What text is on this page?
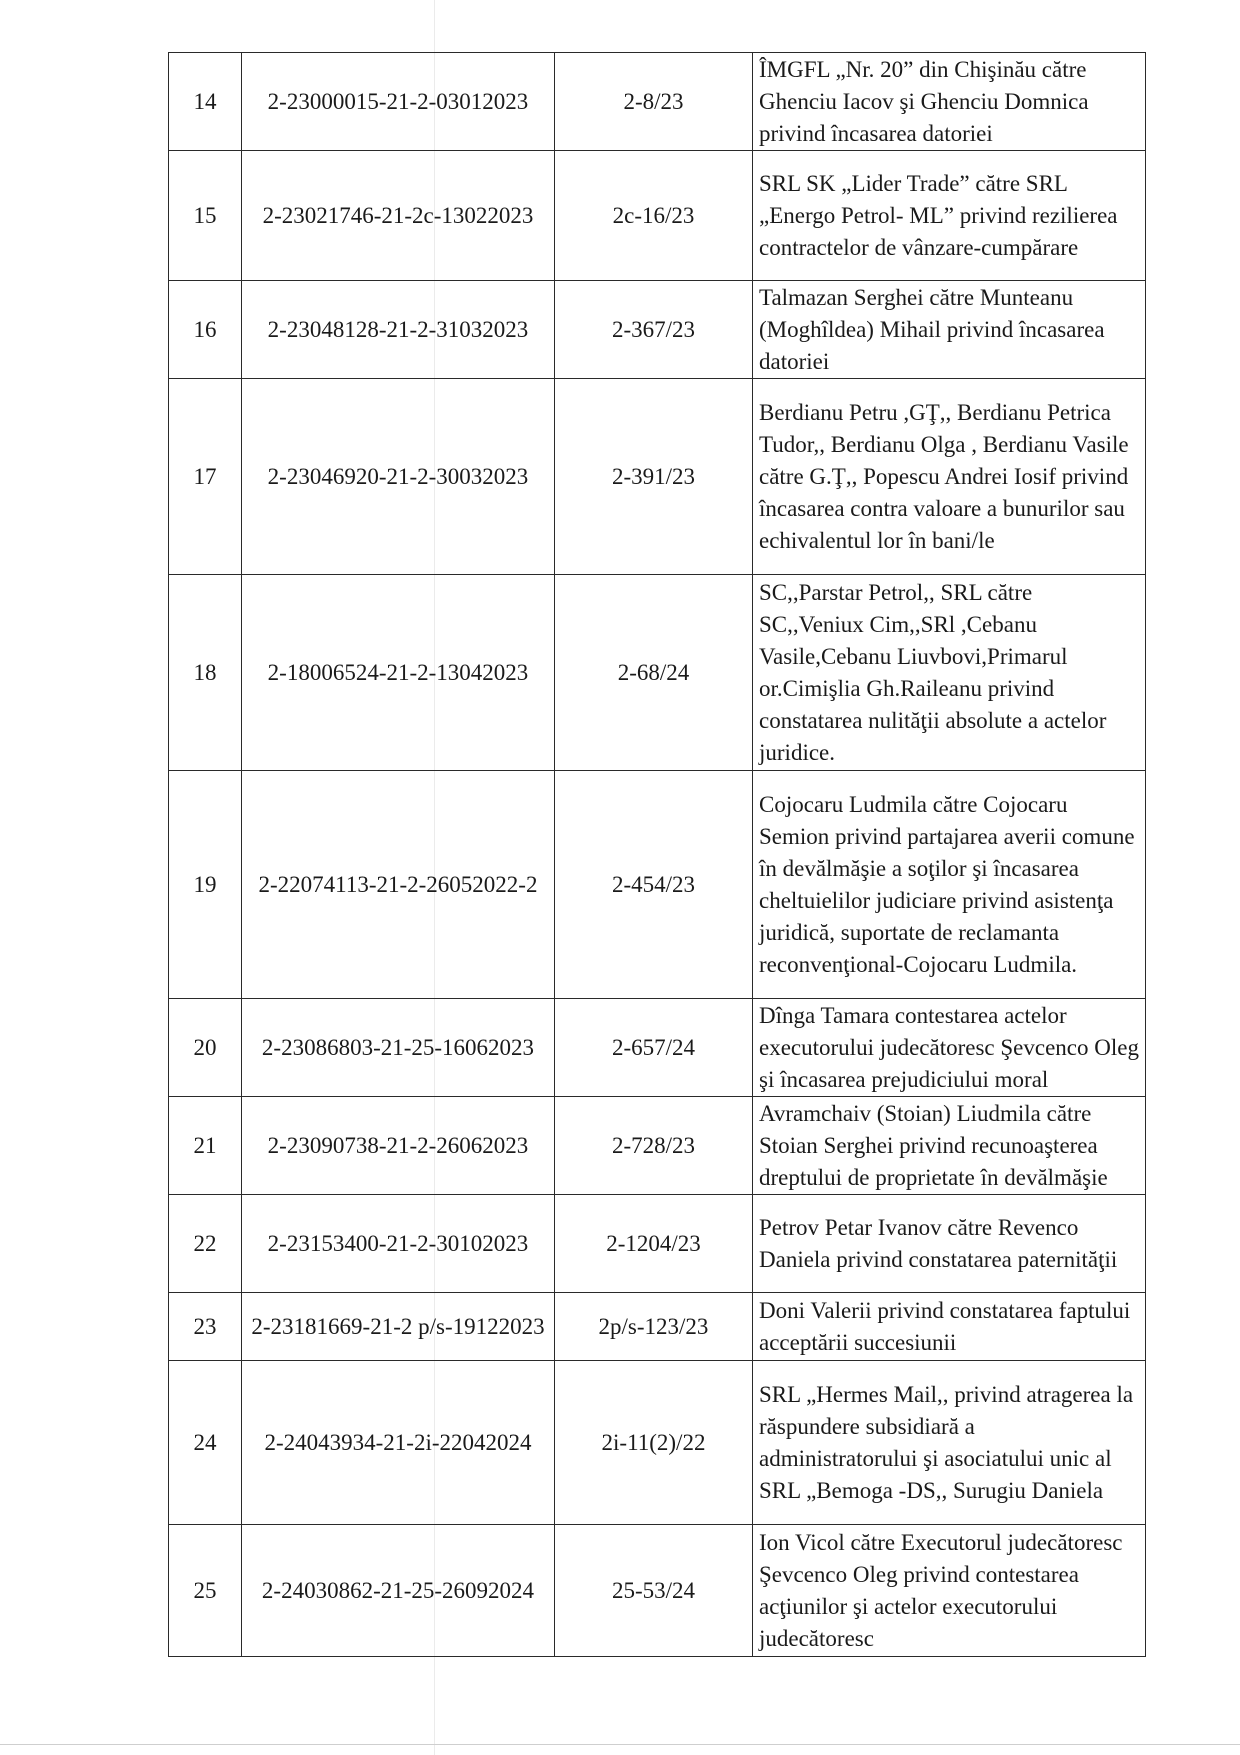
14	2-23000015-21-2-03012023	2-8/23	ÎMGFL „Nr. 20” din Chişinău către Ghenciu Iacov şi Ghenciu Domnica privind încasarea datoriei
15	2-23021746-21-2c-13022023	2c-16/23	SRL SK „Lider Trade” către SRL „Energo Petrol- ML” privind rezilierea contractelor de vânzare-cumpărare
16	2-23048128-21-2-31032023	2-367/23	Talmazan Serghei către Munteanu (Moghîldea) Mihail privind încasarea datoriei
17	2-23046920-21-2-30032023	2-391/23	Berdianu Petru ,GŢ,, Berdianu Petrica Tudor,, Berdianu Olga , Berdianu Vasile către G.Ţ,, Popescu Andrei Iosif privind încasarea contra valoare a bunurilor sau echivalentul lor în bani/le
18	2-18006524-21-2-13042023	2-68/24	SC,,Parstar Petrol,, SRL către SC,,Veniux Cim,,SRl ,Cebanu Vasile,Cebanu Liuvbovi,Primarul or.Cimişlia Gh.Raileanu privind constatarea nulităţii absolute a actelor juridice.
19	2-22074113-21-2-26052022-2	2-454/23	Cojocaru Ludmila către Cojocaru Semion privind partajarea averii comune în devălmăşie a soţilor şi încasarea cheltuielilor judiciare privind asistenţa juridică, suportate de reclamanta reconvenţional-Cojocaru Ludmila.
20	2-23086803-21-25-16062023	2-657/24	Dînga Tamara contestarea actelor executorului judecătoresc Şevcenco Oleg şi încasarea prejudiciului moral
21	2-23090738-21-2-26062023	2-728/23	Avramchaiv (Stoian) Liudmila către Stoian Serghei privind recunoaşterea dreptului de proprietate în devălmăşie
22	2-23153400-21-2-30102023	2-1204/23	Petrov Petar Ivanov către Revenco Daniela privind constatarea paternităţii
23	2-23181669-21-2 p/s-19122023	2p/s-123/23	Doni Valerii privind constatarea faptului acceptării succesiunii
24	2-24043934-21-2i-22042024	2i-11(2)/22	SRL „Hermes Mail,, privind atragerea la răspundere subsidiară a administratorului şi asociatului unic al SRL „Bemoga -DS,, Surugiu Daniela
25	2-24030862-21-25-26092024	25-53/24	Ion Vicol către Executorul judecătoresc Şevcenco Oleg privind contestarea acţiunilor şi actelor executorului judecătoresc
